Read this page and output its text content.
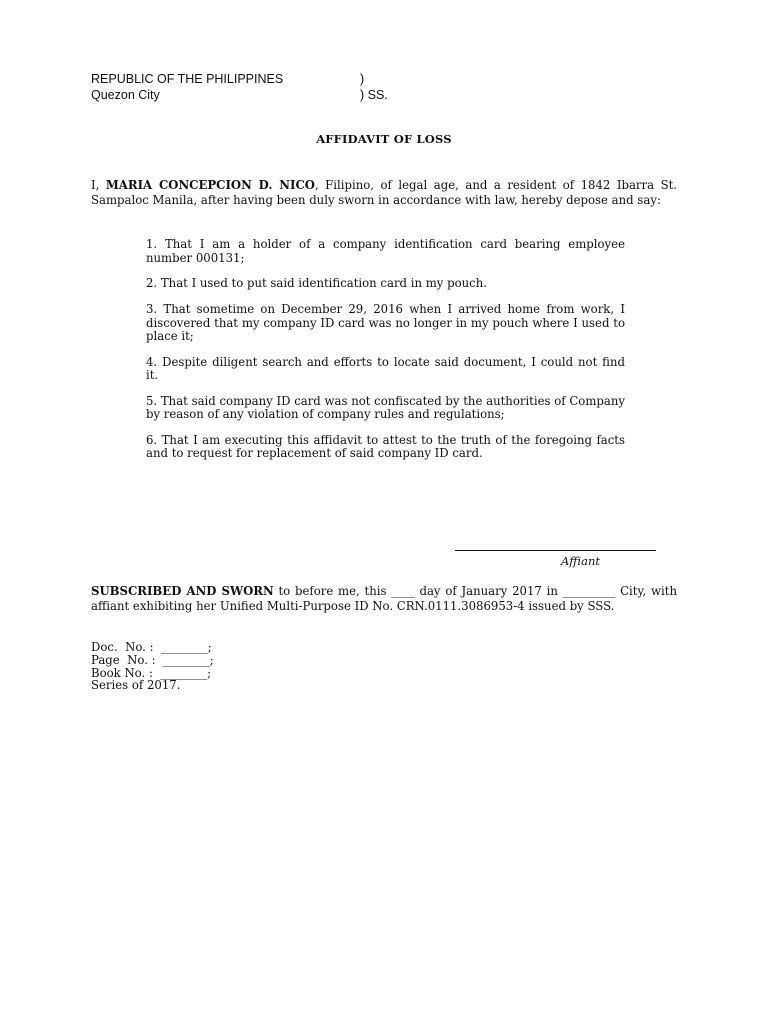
REPUBLIC OF THE PHILIPPINES	)
Quezon City	) SS.
AFFIDAVIT OF LOSS
I, MARIA CONCEPCION D. NICO, Filipino, of legal age, and a resident of 1842 Ibarra St. Sampaloc Manila, after having been duly sworn in accordance with law, hereby depose and say:

1. That I am a holder of a company identification card bearing employee number 000131;

2. That I used to put said identification card in my pouch.

3. That sometime on December 29, 2016 when I arrived home from work, I discovered that my company ID card was no longer in my pouch where I used to place it;

4. Despite diligent search and efforts to locate said document, I could not find it.

5. That said company ID card was not confiscated by the authorities of Company by reason of any violation of company rules and regulations;

6. That I am executing this affidavit to attest to the truth of the foregoing facts and to request for replacement of said company ID card.

Affiant
SUBSCRIBED AND SWORN to before me, this ____ day of January 2017 in _________ City, with affiant exhibiting her Unified Multi-Purpose ID No. CRN.0111.3086953-4 issued by SSS.
Doc.  No. :  ________;
Page  No. :  ________;
Book No. :  ________;
Series of 2017.
